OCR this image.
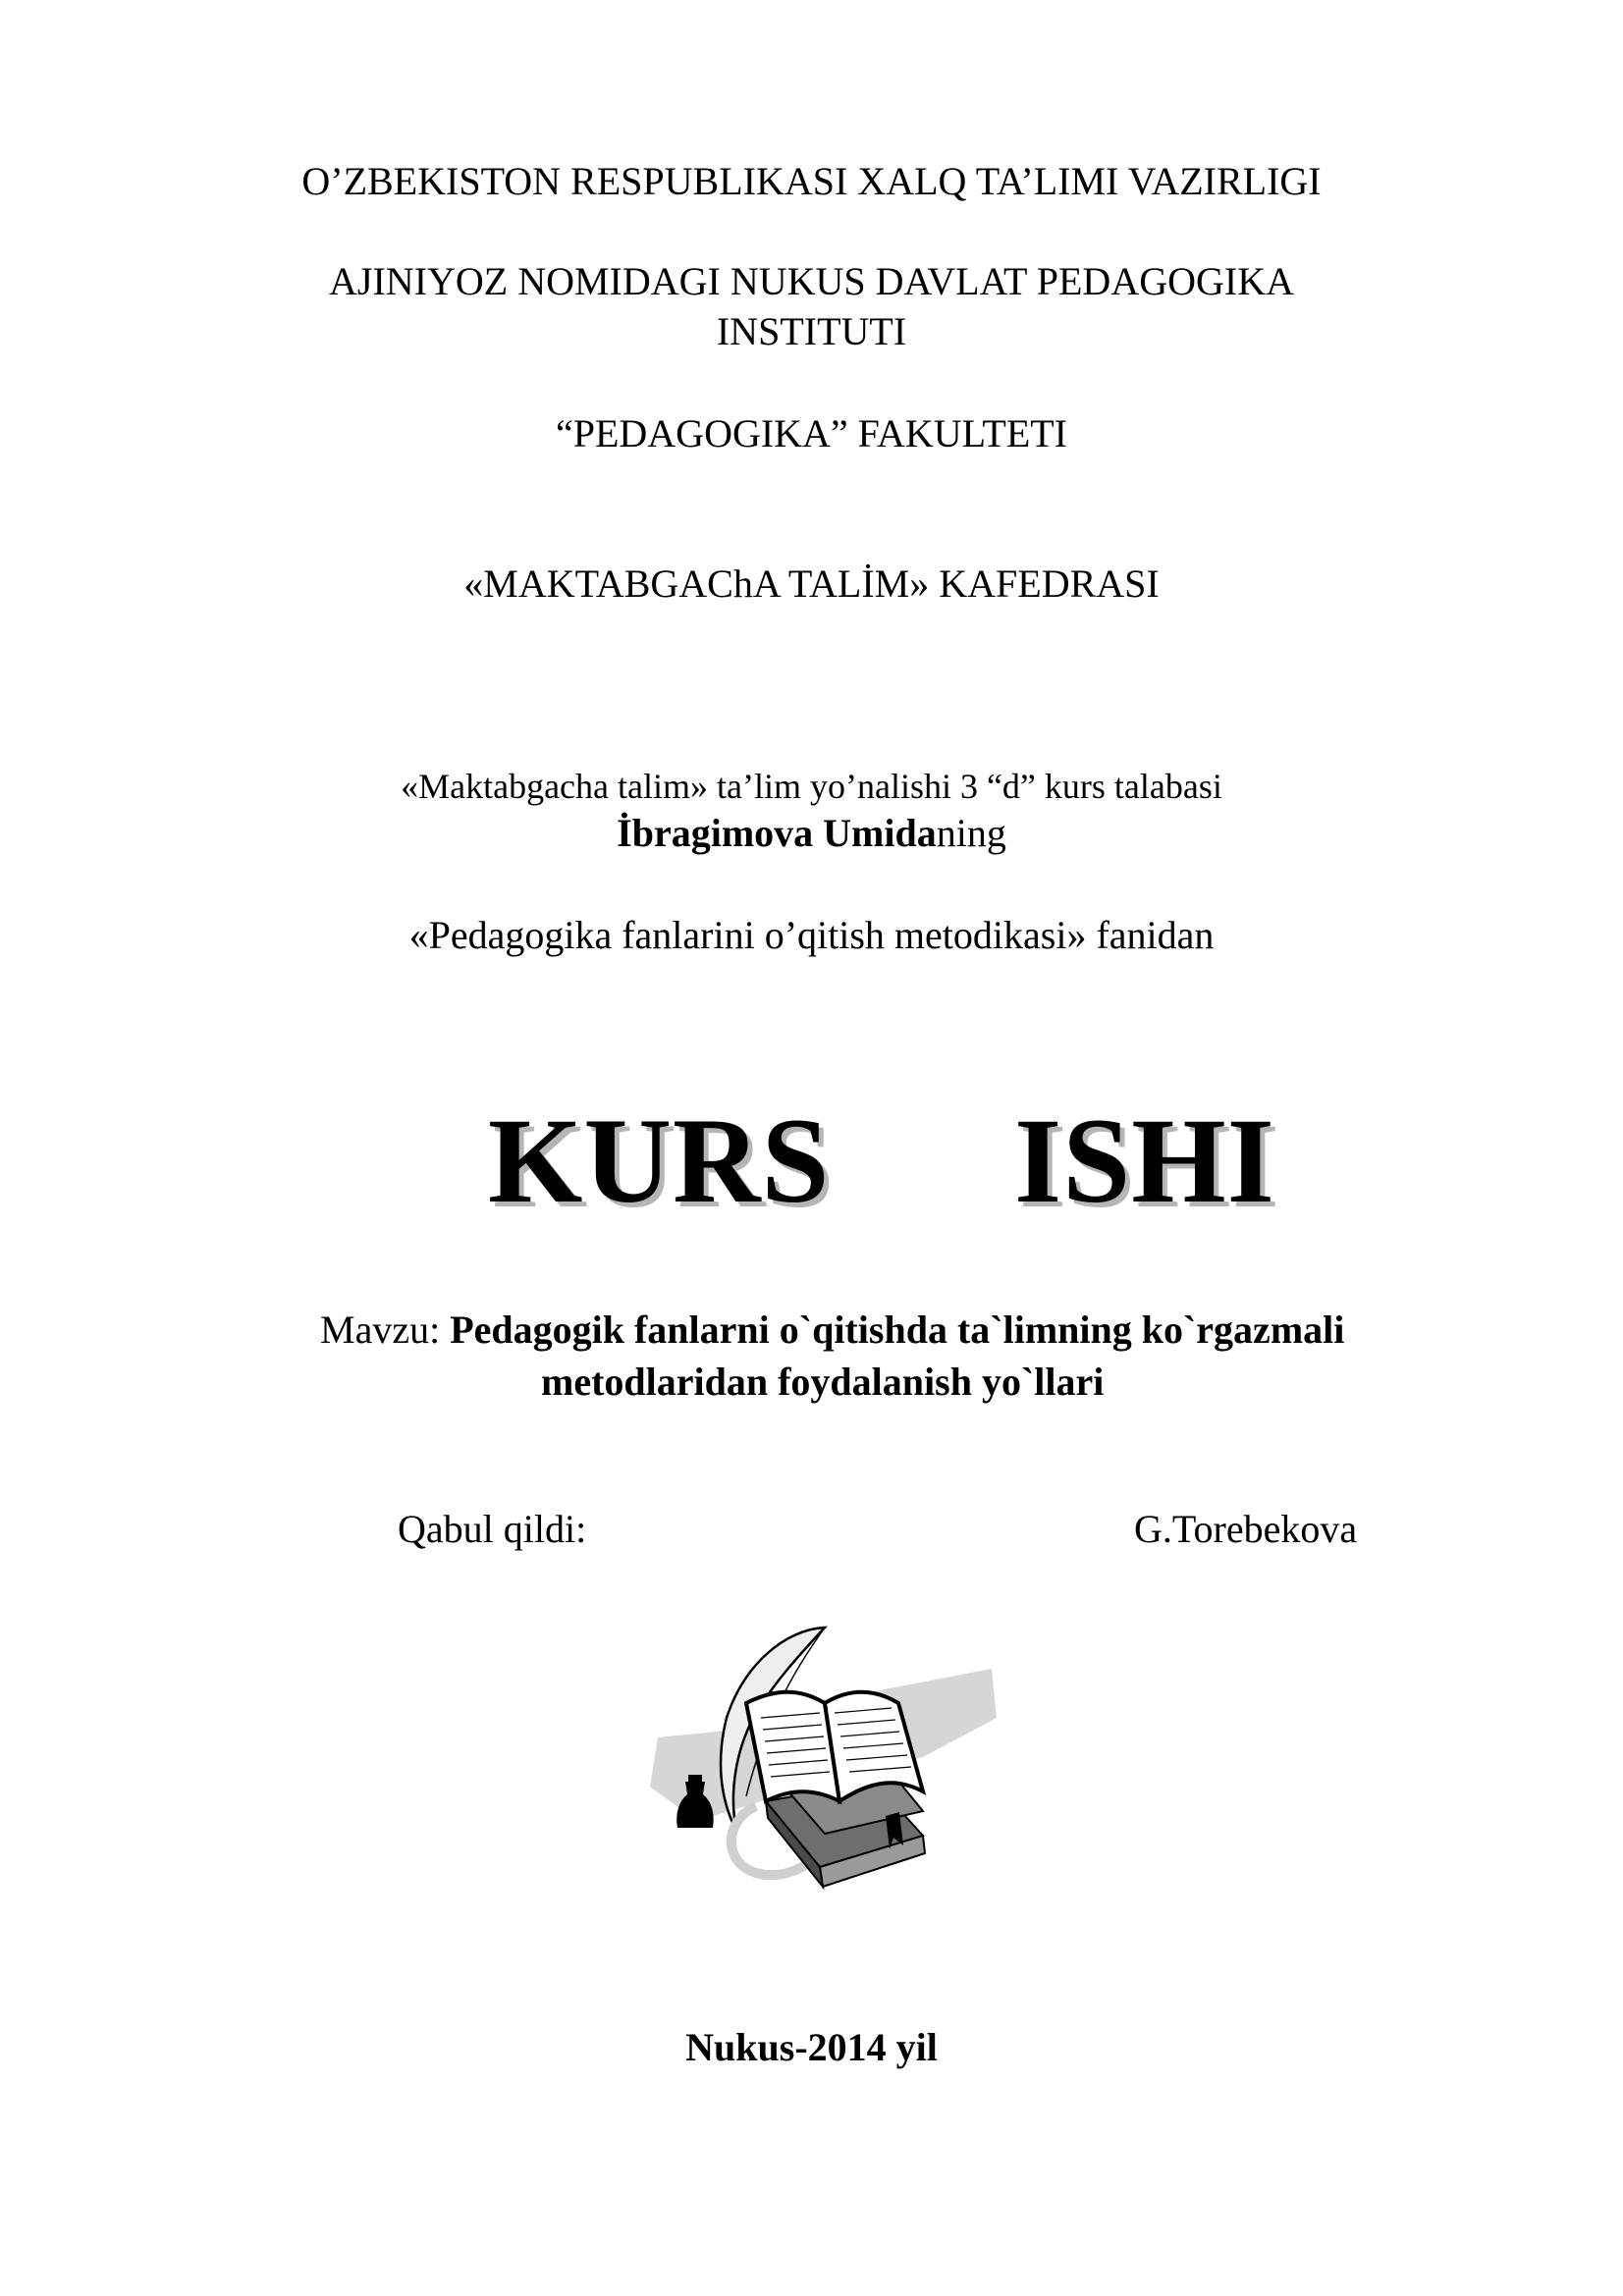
O’ZBEKISTON RESPUBLIKASI XALQ TA’LIMI VAZIRLIGI
AJINIYOZ NOMIDAGI NUKUS DAVLAT PEDAGOGIKA
INSTITUTI
“PEDAGOGIKA” FAKULTETI
«MAKTABGAChA TALİM» KAFEDRASI
«Maktabgacha talim» ta’lim yo’nalishi 3 “d” kurs talabasi
İbragimova Umidaning
«Pedagogika fanlarini o’qitish metodikasi» fanidan
KURS ISHI
Mavzu: Pedagogik fanlarni o`qitishda ta`limning ko`rgazmali
metodlaridan foydalanish yo`llari
Qabul qildi:	G.Torebekova
Nukus-2014 yil
